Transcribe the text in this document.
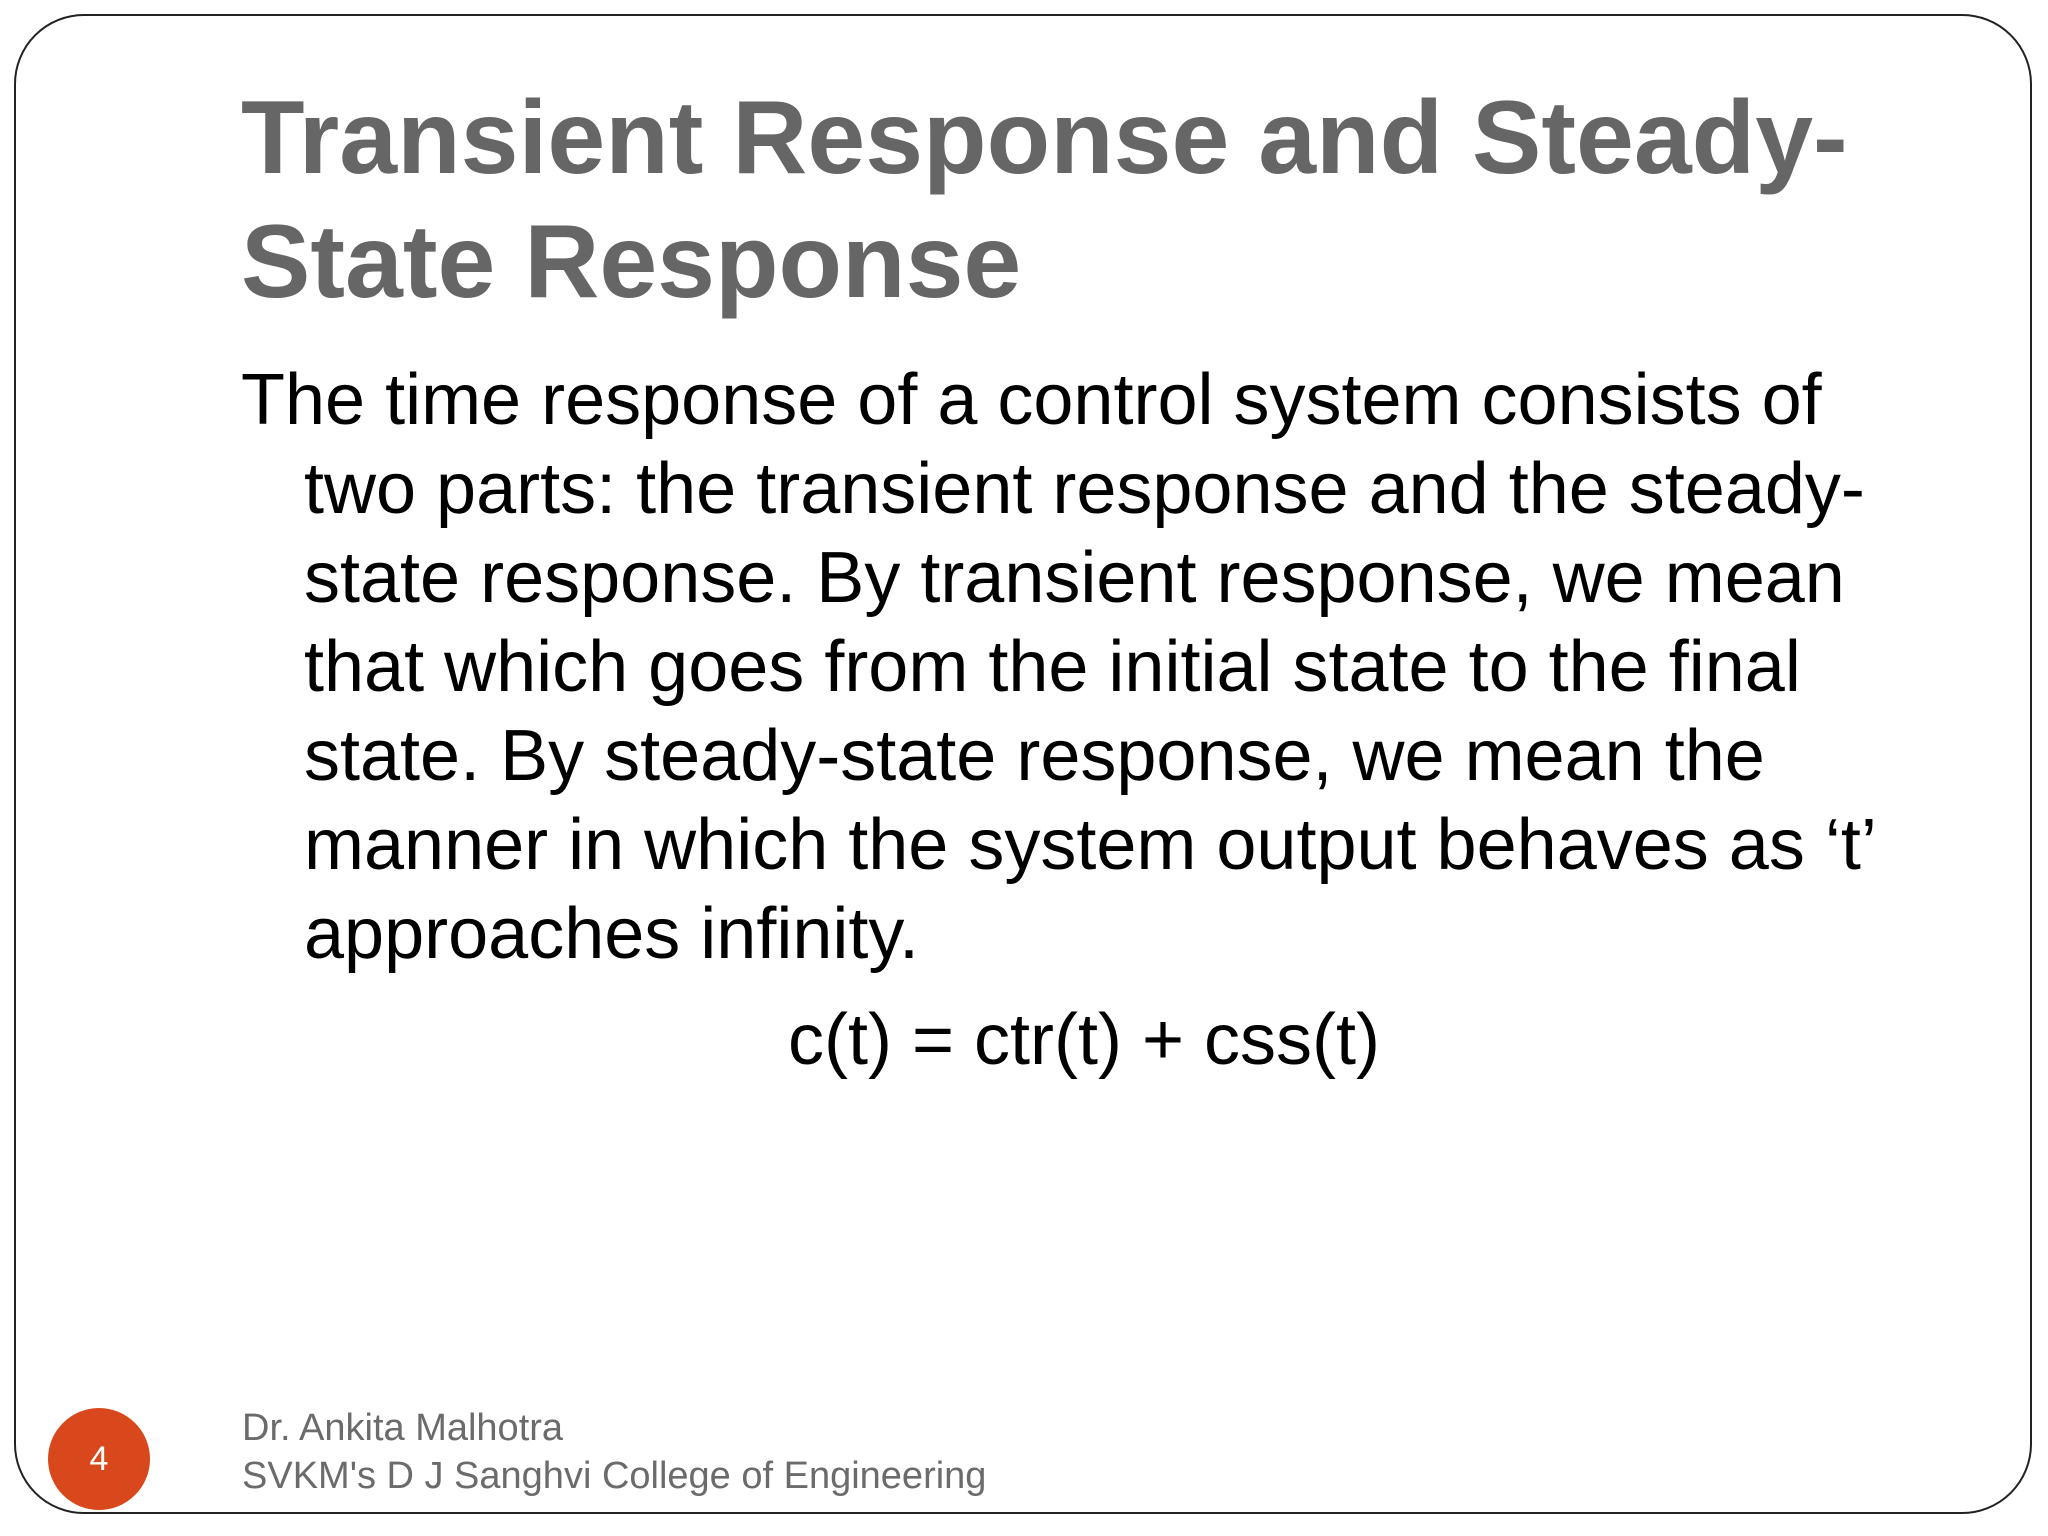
Transient Response and Steady-
State Response
The time response of a control system consists of
two parts: the transient response and the steady-
state response. By transient response, we mean
that which goes from the initial state to the final
state. By steady-state response, we mean the
manner in which the system output behaves as ‘t’
approaches infinity.
c(t) = ctr(t) + css(t)
4
Dr. Ankita Malhotra
SVKM's D J Sanghvi College of Engineering
